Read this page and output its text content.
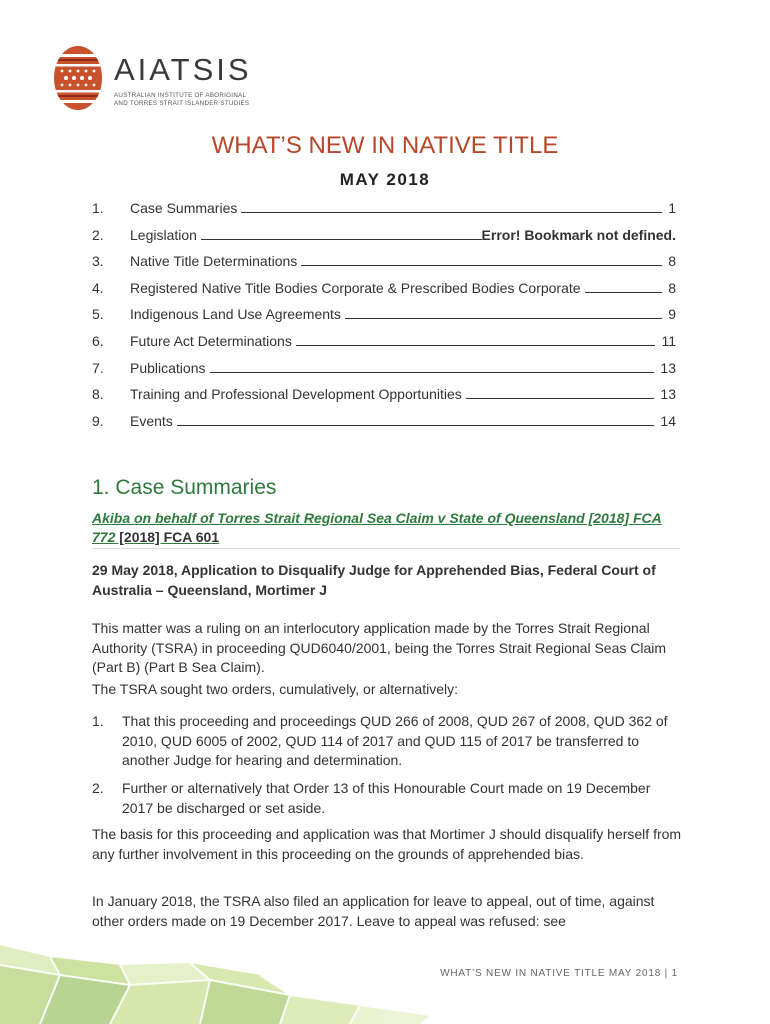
AIATSIS
AUSTRALIAN INSTITUTE OF ABORIGINAL
AND TORRES STRAIT ISLANDER STUDIES
WHAT’S NEW IN NATIVE TITLE
MAY 2018
1. Case Summaries	1
2. Legislation	Error! Bookmark not defined.
3. Native Title Determinations	8
4. Registered Native Title Bodies Corporate & Prescribed Bodies Corporate	8
5. Indigenous Land Use Agreements	9
6. Future Act Determinations	11
7. Publications	13
8. Training and Professional Development Opportunities	13
9. Events	14
1. Case Summaries
Akiba on behalf of Torres Strait Regional Sea Claim v State of Queensland [2018] FCA 772 [2018] FCA 601
29 May 2018, Application to Disqualify Judge for Apprehended Bias, Federal Court of Australia – Queensland, Mortimer J
This matter was a ruling on an interlocutory application made by the Torres Strait Regional Authority (TSRA) in proceeding QUD6040/2001, being the Torres Strait Regional Seas Claim (Part B) (Part B Sea Claim).
The TSRA sought two orders, cumulatively, or alternatively:
1. That this proceeding and proceedings QUD 266 of 2008, QUD 267 of 2008, QUD 362 of 2010, QUD 6005 of 2002, QUD 114 of 2017 and QUD 115 of 2017 be transferred to another Judge for hearing and determination.
2. Further or alternatively that Order 13 of this Honourable Court made on 19 December 2017 be discharged or set aside.
The basis for this proceeding and application was that Mortimer J should disqualify herself from any further involvement in this proceeding on the grounds of apprehended bias.
In January 2018, the TSRA also filed an application for leave to appeal, out of time, against other orders made on 19 December 2017. Leave to appeal was refused: see
WHAT’S NEW IN NATIVE TITLE MAY 2018 | 1
